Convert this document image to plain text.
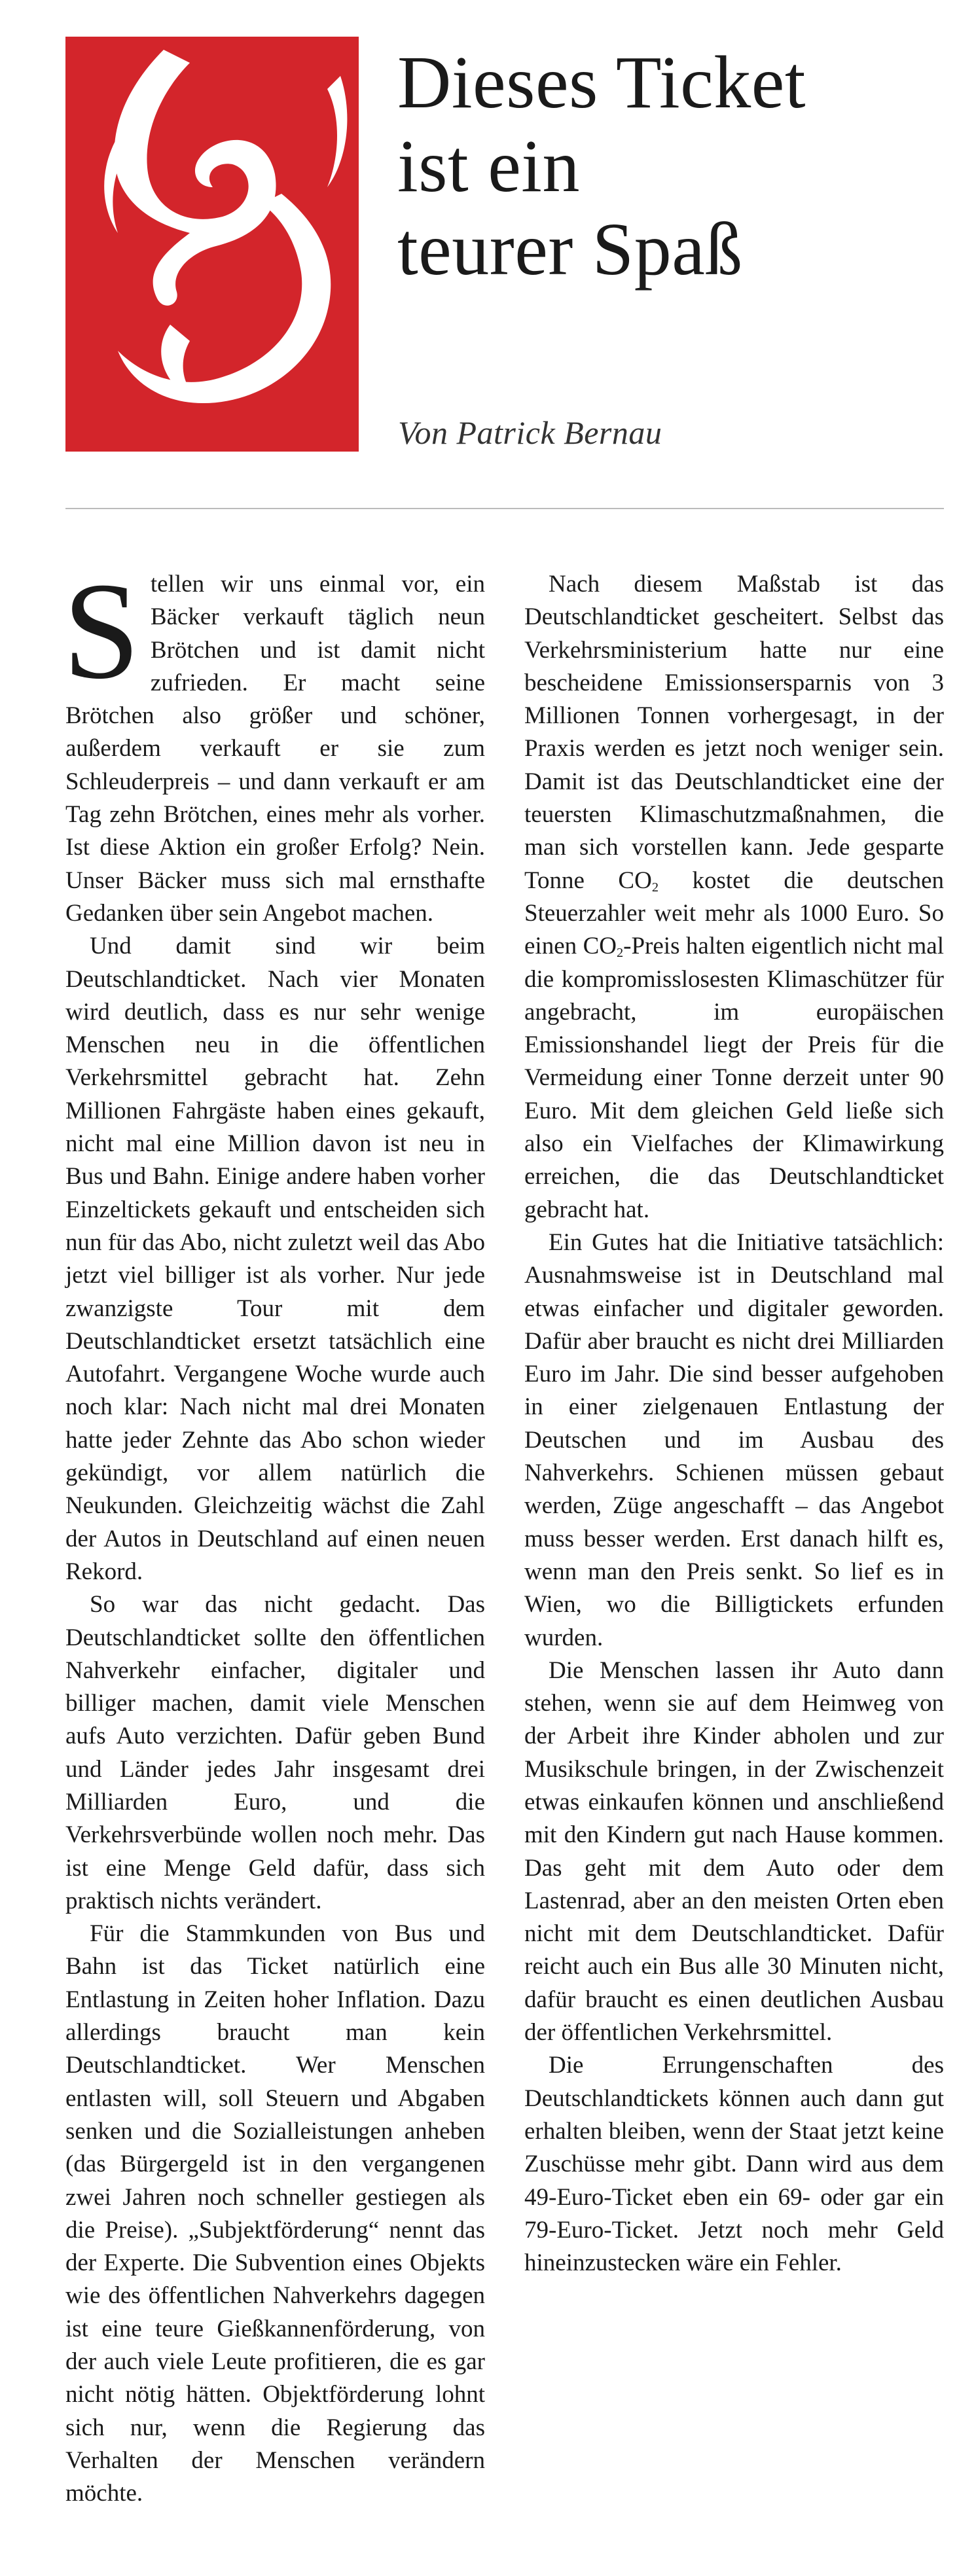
Dieses Ticket
ist ein
teurer Spaß
Von Patrick Bernau

Stellen wir uns einmal vor, ein Bäcker verkauft täglich neun Brötchen und ist damit nicht zufrieden. Er macht seine Brötchen also größer und schöner, außerdem verkauft er sie zum Schleuderpreis – und dann verkauft er am Tag zehn Brötchen, eines mehr als vorher. Ist diese Aktion ein großer Erfolg? Nein. Unser Bäcker muss sich mal ernsthafte Gedanken über sein Angebot machen.

Und damit sind wir beim Deutschlandticket. Nach vier Monaten wird deutlich, dass es nur sehr wenige Menschen neu in die öffentlichen Verkehrsmittel gebracht hat. Zehn Millionen Fahrgäste haben eines gekauft, nicht mal eine Million davon ist neu in Bus und Bahn. Einige andere haben vorher Einzeltickets gekauft und entscheiden sich nun für das Abo, nicht zuletzt weil das Abo jetzt viel billiger ist als vorher. Nur jede zwanzigste Tour mit dem Deutschlandticket ersetzt tatsächlich eine Autofahrt. Vergangene Woche wurde auch noch klar: Nach nicht mal drei Monaten hatte jeder Zehnte das Abo schon wieder gekündigt, vor allem natürlich die Neukunden. Gleichzeitig wächst die Zahl der Autos in Deutschland auf einen neuen Rekord.

So war das nicht gedacht. Das Deutschlandticket sollte den öffentlichen Nahverkehr einfacher, digitaler und billiger machen, damit viele Menschen aufs Auto verzichten. Dafür geben Bund und Länder jedes Jahr insgesamt drei Milliarden Euro, und die Verkehrsverbünde wollen noch mehr. Das ist eine Menge Geld dafür, dass sich praktisch nichts verändert.

Für die Stammkunden von Bus und Bahn ist das Ticket natürlich eine Entlastung in Zeiten hoher Inflation. Dazu allerdings braucht man kein Deutschlandticket. Wer Menschen entlasten will, soll Steuern und Abgaben senken und die Sozialleistungen anheben (das Bürgergeld ist in den vergangenen zwei Jahren noch schneller gestiegen als die Preise). „Subjektförderung“ nennt das der Experte. Die Subvention eines Objekts wie des öffentlichen Nahverkehrs dagegen ist eine teure Gießkannenförderung, von der auch viele Leute profitieren, die es gar nicht nötig hätten. Objektförderung lohnt sich nur, wenn die Regierung das Verhalten der Menschen verändern möchte.

Nach diesem Maßstab ist das Deutschlandticket gescheitert. Selbst das Verkehrsministerium hatte nur eine bescheidene Emissionsersparnis von 3 Millionen Tonnen vorhergesagt, in der Praxis werden es jetzt noch weniger sein. Damit ist das Deutschlandticket eine der teuersten Klimaschutzmaßnahmen, die man sich vorstellen kann. Jede gesparte Tonne $CO_2$ kostet die deutschen Steuerzahler weit mehr als 1000 Euro. So einen $CO_2$-Preis halten eigentlich nicht mal die kompromisslosesten Klimaschützer für angebracht, im europäischen Emissionshandel liegt der Preis für die Vermeidung einer Tonne derzeit unter 90 Euro. Mit dem gleichen Geld ließe sich also ein Vielfaches der Klimawirkung erreichen, die das Deutschlandticket gebracht hat.

Ein Gutes hat die Initiative tatsächlich: Ausnahmsweise ist in Deutschland mal etwas einfacher und digitaler geworden. Dafür aber braucht es nicht drei Milliarden Euro im Jahr. Die sind besser aufgehoben in einer zielgenauen Entlastung der Deutschen und im Ausbau des Nahverkehrs. Schienen müssen gebaut werden, Züge angeschafft – das Angebot muss besser werden. Erst danach hilft es, wenn man den Preis senkt. So lief es in Wien, wo die Billigtickets erfunden wurden.

Die Menschen lassen ihr Auto dann stehen, wenn sie auf dem Heimweg von der Arbeit ihre Kinder abholen und zur Musikschule bringen, in der Zwischenzeit etwas einkaufen können und anschließend mit den Kindern gut nach Hause kommen. Das geht mit dem Auto oder dem Lastenrad, aber an den meisten Orten eben nicht mit dem Deutschlandticket. Dafür reicht auch ein Bus alle 30 Minuten nicht, dafür braucht es einen deutlichen Ausbau der öffentlichen Verkehrsmittel.

Die Errungenschaften des Deutschlandtickets können auch dann gut erhalten bleiben, wenn der Staat jetzt keine Zuschüsse mehr gibt. Dann wird aus dem 49-Euro-Ticket eben ein 69- oder gar ein 79-Euro-Ticket. Jetzt noch mehr Geld hineinzustecken wäre ein Fehler.
